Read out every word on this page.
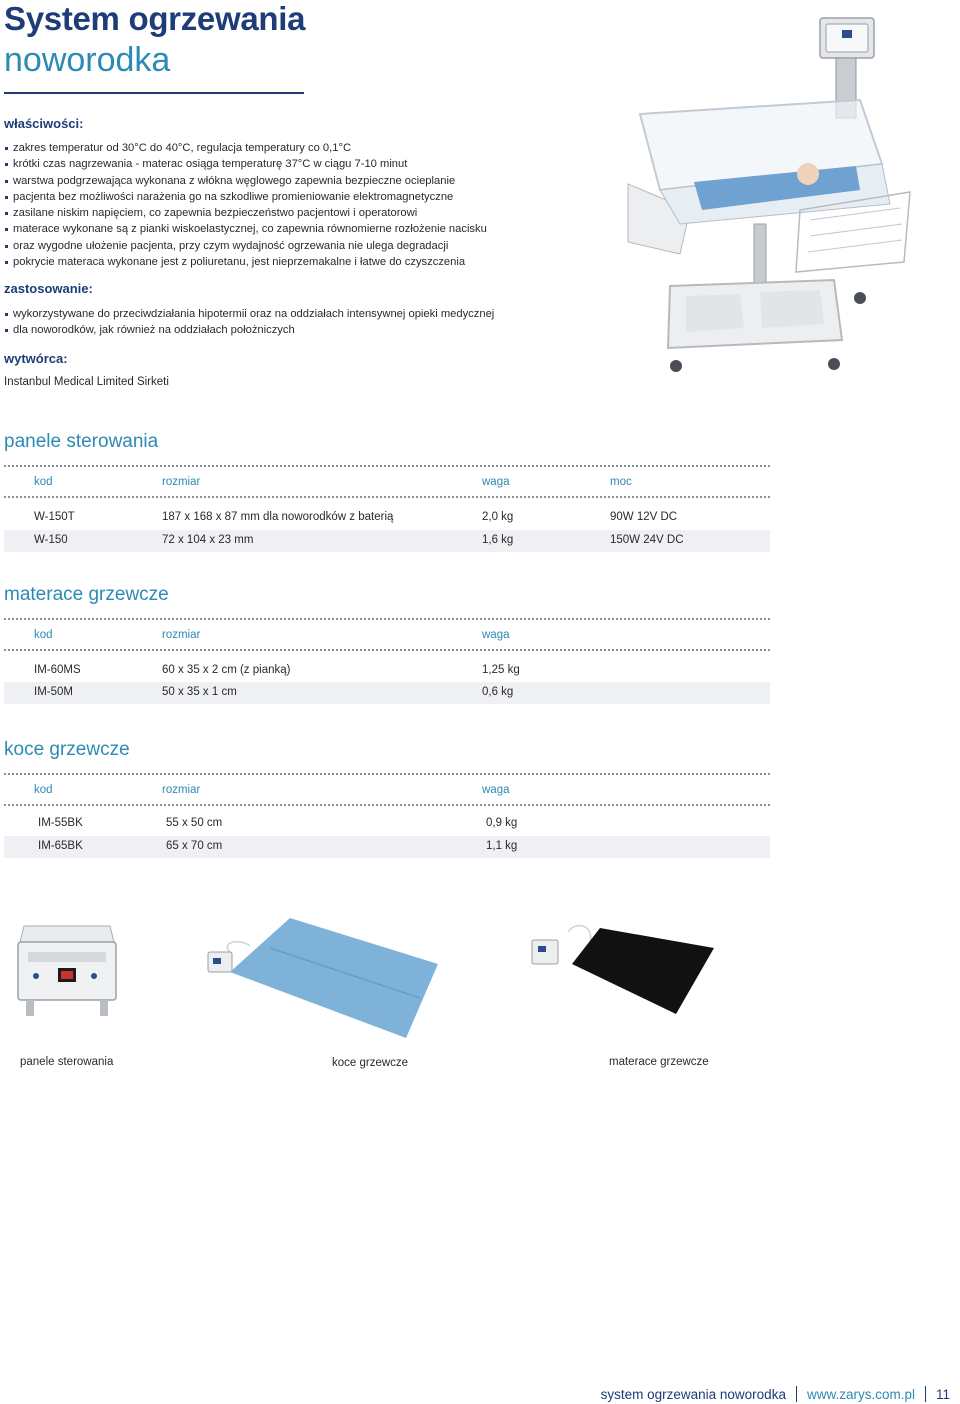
System ogrzewania
noworodka
właściwości:
zakres temperatur od 30°C do 40°C, regulacja temperatury co 0,1°C
krótki czas nagrzewania - materac osiąga temperaturę 37°C w ciągu 7-10 minut
warstwa podgrzewająca wykonana z włókna węglowego zapewnia bezpieczne ocieplanie
pacjenta bez możliwości narażenia go na szkodliwe promieniowanie elektromagnetyczne
zasilane niskim napięciem, co zapewnia bezpieczeństwo pacjentowi i operatorowi
materace wykonane są z pianki wiskoelastycznej, co zapewnia równomierne rozłożenie nacisku
oraz wygodne ułożenie pacjenta, przy czym wydajność ogrzewania nie ulega degradacji
pokrycie materaca wykonane jest z poliuretanu, jest nieprzemakalne i łatwe do czyszczenia
zastosowanie:
wykorzystywane do przeciwdziałania hipotermii oraz na oddziałach intensywnej opieki medycznej
dla noworodków, jak również na oddziałach położniczych
wytwórca:
Instanbul Medical Limited Sirketi
panele sterowania
kod	rozmiar	waga	moc
W-150T	187 x 168 x 87 mm dla noworodków z baterią	2,0 kg	90W 12V DC
W-150	72 x 104 x 23 mm	1,6 kg	150W 24V DC
materace grzewcze
kod	rozmiar	waga
IM-60MS	60 x 35 x 2 cm (z pianką)	1,25 kg
IM-50M	50 x 35 x 1 cm	0,6 kg
koce grzewcze
kod	rozmiar	waga
IM-55BK	55 x 50 cm	0,9 kg
IM-65BK	65 x 70 cm	1,1 kg
panele sterowania	koce grzewcze	materace grzewcze
system ogrzewania noworodka www.zarys.com.pl 11
